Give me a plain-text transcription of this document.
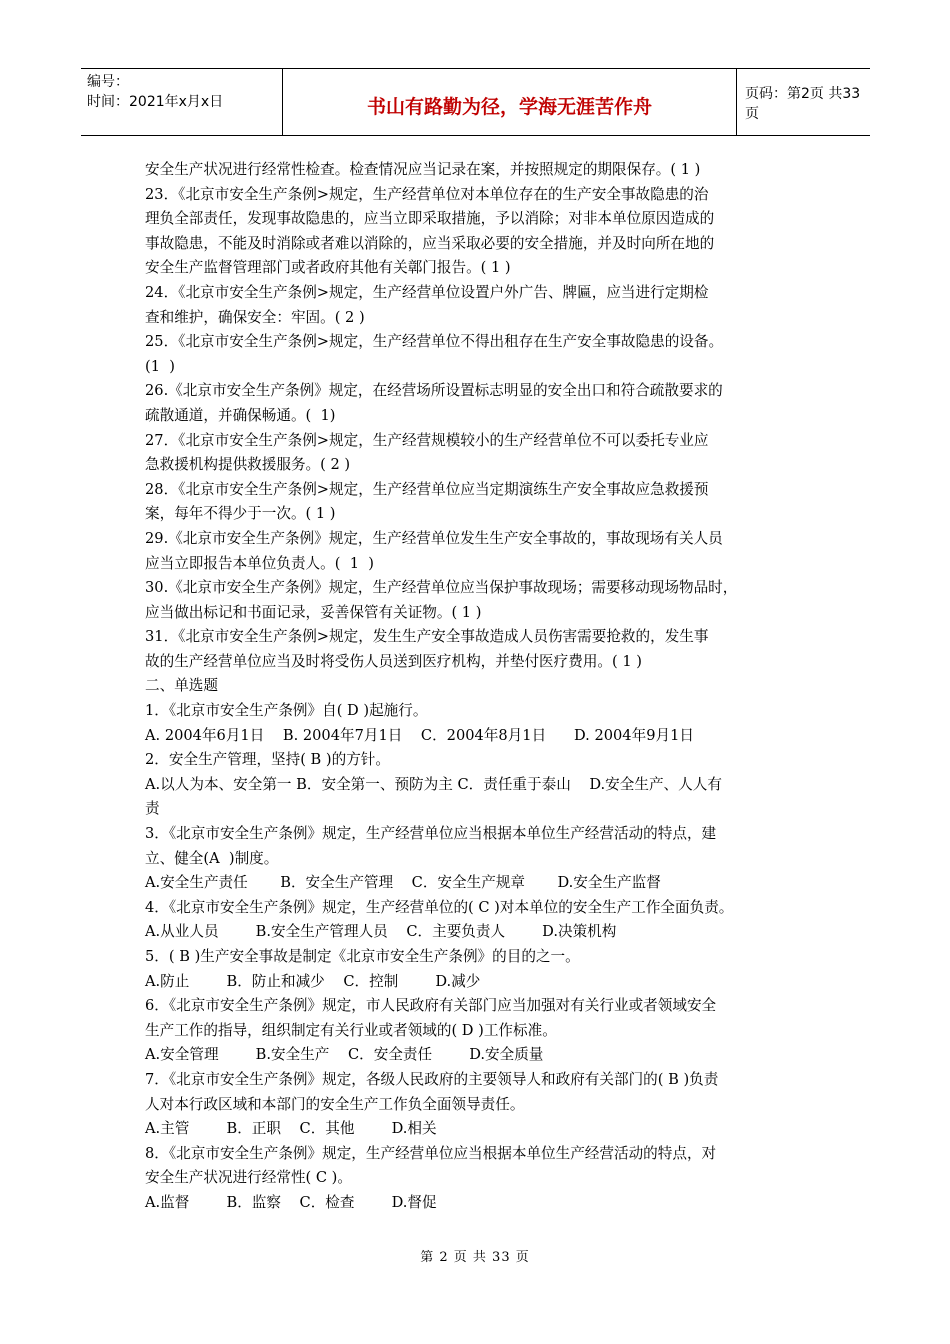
编号：
时间：2021年x月x日	书山有路勤为径，学海无涯苦作舟
页码：第2页 共33页
安全生产状况进行经常性检查。检查情况应当记录在案，并按照规定的期限保存。( 1 )
23．《北京市安全生产条例>规定，生产经营单位对本单位存在的生产安全事故隐患的治
理负全部责任，发现事故隐患的，应当立即采取措施，予以消除；对非本单位原因造成的
事故隐患，不能及时消除或者难以消除的，应当采取必要的安全措施，并及时向所在地的
安全生产监督管理部门或者政府其他有关鄣门报告。( 1 )
24．《北京市安全生产条例>规定，生产经营单位设置户外广告、牌匾，应当进行定期检
查和维护，确保安全：牢固。( 2 )
25．《北京市安全生产条例>规定，生产经营单位不得出租存在生产安全事故隐患的设备。
(1  )
26.《北京市安全生产条例》规定，在经营场所设置标志明显的安全出口和符合疏散要求的
疏散通道，并确保畅通。(  1)
27．《北京市安全生产条例>规定，生产经营规模较小的生产经营单位不可以委托专业应
急救援机构提供救援服务。( 2 )
28．《北京市安全生产条例>规定，生产经营单位应当定期演练生产安全事故应急救援预
案，每年不得少于一次。( 1 )
29.《北京市安全生产条例》规定，生产经营单位发生生产安全事故的，事故现场有关人员
应当立即报告本单位负责人。(  1  )
30.《北京市安全生产条例》规定，生产经营单位应当保护事故现场；需要移动现场物品时，
应当做出标记和书面记录，妥善保管有关证物。( 1 )
31．《北京市安全生产条例>规定，发生生产安全事故造成人员伤害需要抢救的，发生事
故的生产经营单位应当及时将受伤人员送到医疗机构，并垫付医疗费用。( 1 )
二、单选题
1．《北京市安全生产条例》自( D )起施行。
A. 2004年6月1日    B. 2004年7月1日    C．2004年8月1日      D. 2004年9月1日
2．安全生产管理，坚持( B )的方针。
A.以人为本、安全第一 B．安全第一、预防为主 C．责任重于泰山    D.安全生产、人人有
责
3．《北京市安全生产条例》规定，生产经营单位应当根据本单位生产经营活动的特点，建
立、健全(A  )制度。
A.安全生产责任       B．安全生产管理    C．安全生产规章       D.安全生产监督
4．《北京市安全生产条例》规定，生产经营单位的( C )对本单位的安全生产工作全面负责。
A.从业人员        B.安全生产管理人员    C．主要负责人        D.决策机构
5．( B )生产安全事故是制定《北京市安全生产条例》的目的之一。
A.防止        B．防止和减少    C．控制        D.减少
6．《北京市安全生产条例》规定，市人民政府有关部门应当加强对有关行业或者领域安全
生产工作的指导，组织制定有关行业或者领域的( D )工作标准。
A.安全管理        B.安全生产    C．安全责任        D.安全质量
7．《北京市安全生产条例》规定，各级人民政府的主要领导人和政府有关部门的( B )负责
人对本行政区域和本部门的安全生产工作负全面领导责任。
A.主管        B．正职    C．其他        D.相关
8．《北京市安全生产条例》规定，生产经营单位应当根据本单位生产经营活动的特点，对
安全生产状况进行经常性( C )。
A.监督        B．监察    C．检查        D.督促
第 2 页 共 33 页
